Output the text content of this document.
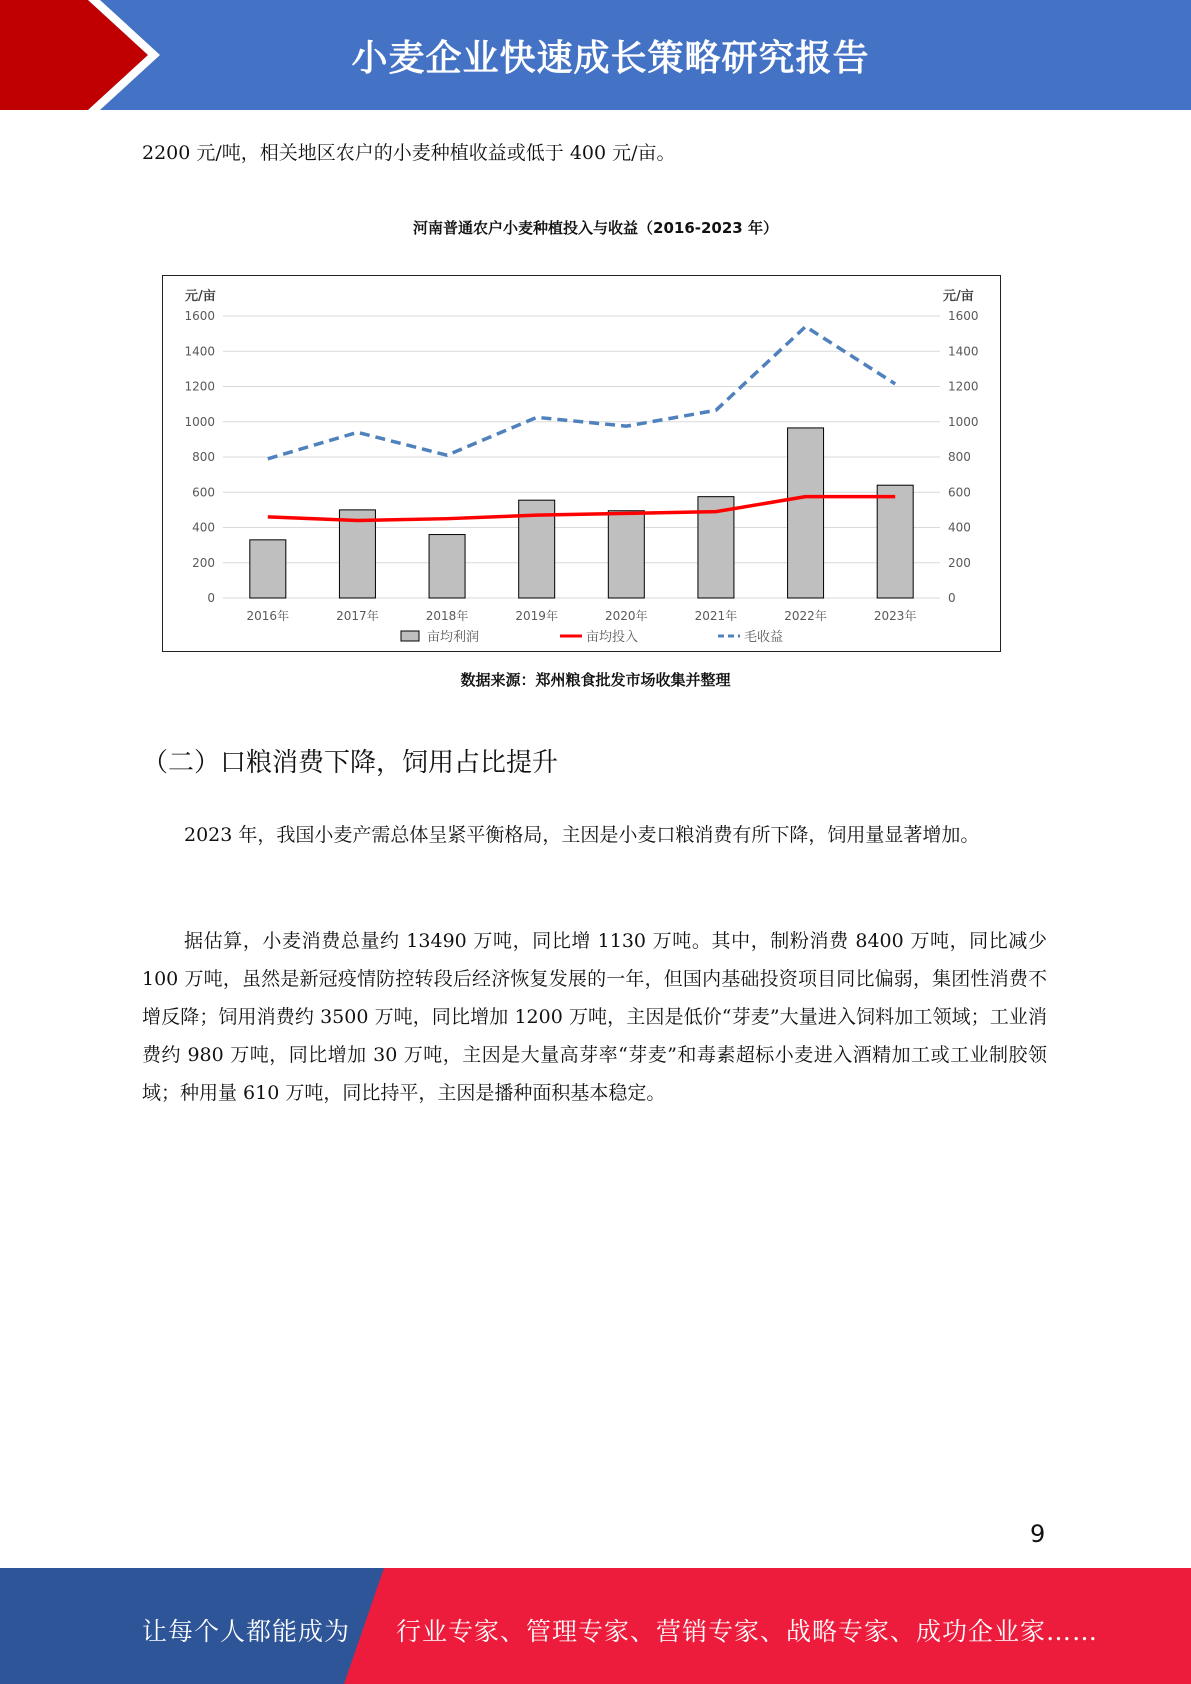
小麦企业快速成长策略研究报告
2200 元/吨，相关地区农户的小麦种植收益或低于 400 元/亩。
河南普通农户小麦种植投入与收益（2016-2023 年）
0	0
200	200
400	400
600	600
800	800
1000	1000
1200	1200
1400	1400
1600	1600
元/亩	元/亩
2016年	2017年	2018年	2019年	2020年	2021年	2022年	2023年
亩均利润	亩均投入	毛收益
数据来源：郑州粮食批发市场收集并整理
（二）口粮消费下降，饲用占比提升
2023 年，我国小麦产需总体呈紧平衡格局，主因是小麦口粮消费有所下降，饲用量显著增加。
据估算，小麦消费总量约 13490 万吨，同比增 1130 万吨。其中，制粉消费 8400 万吨，同比减少 100 万吨，虽然是新冠疫情防控转段后经济恢复发展的一年，但国内基础投资项目同比偏弱，集团性消费不增反降；饲用消费约 3500 万吨，同比增加 1200 万吨，主因是低价“芽麦”大量进入饲料加工领域；工业消费约 980 万吨，同比增加 30 万吨，主因是大量高芽率“芽麦”和毒素超标小麦进入酒精加工或工业制胶领域；种用量 610 万吨，同比持平，主因是播种面积基本稳定。
9
让每个人都能成为 行业专家、管理专家、营销专家、战略专家、成功企业家……
